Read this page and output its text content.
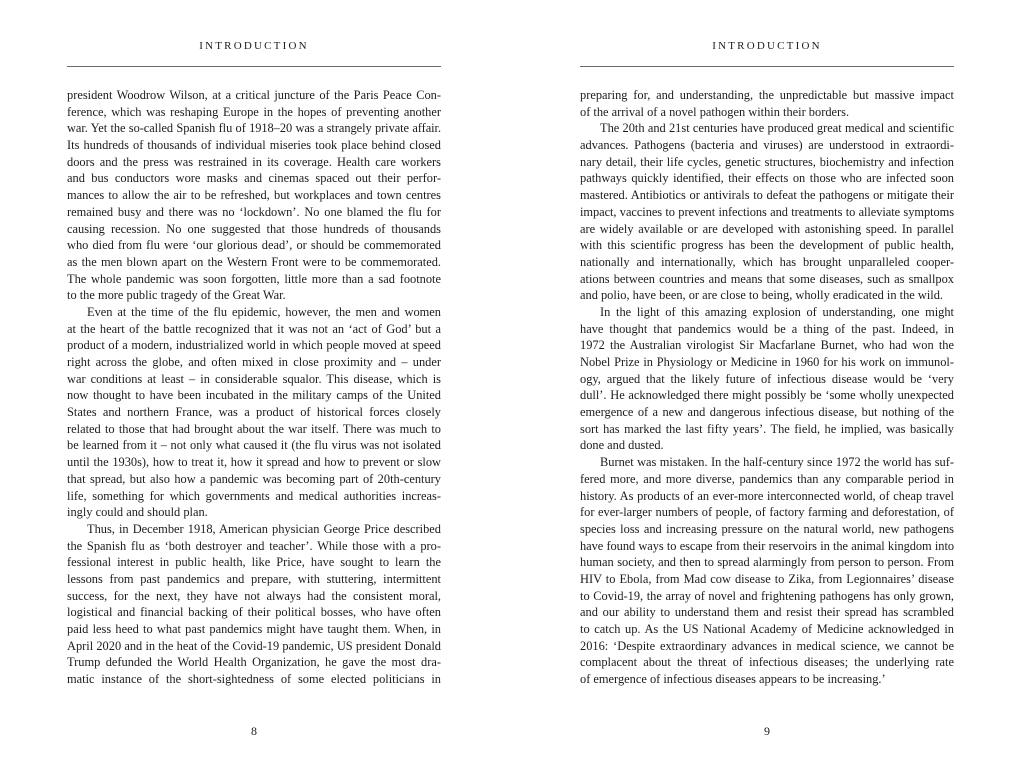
INTRODUCTION
president Woodrow Wilson, at a critical juncture of the Paris Peace Con-
ference, which was reshaping Europe in the hopes of preventing another
war. Yet the so-called Spanish flu of 1918–20 was a strangely private affair.
Its hundreds of thousands of individual miseries took place behind closed
doors and the press was restrained in its coverage. Health care workers
and bus conductors wore masks and cinemas spaced out their perfor-
mances to allow the air to be refreshed, but workplaces and town centres
remained busy and there was no ‘lockdown’. No one blamed the flu for
causing recession. No one suggested that those hundreds of thousands
who died from flu were ‘our glorious dead’, or should be commemorated
as the men blown apart on the Western Front were to be commemorated.
The whole pandemic was soon forgotten, little more than a sad footnote
to the more public tragedy of the Great War.
Even at the time of the flu epidemic, however, the men and women
at the heart of the battle recognized that it was not an ‘act of God’ but a
product of a modern, industrialized world in which people moved at speed
right across the globe, and often mixed in close proximity and – under
war conditions at least – in considerable squalor. This disease, which is
now thought to have been incubated in the military camps of the United
States and northern France, was a product of historical forces closely
related to those that had brought about the war itself. There was much to
be learned from it – not only what caused it (the flu virus was not isolated
until the 1930s), how to treat it, how it spread and how to prevent or slow
that spread, but also how a pandemic was becoming part of 20th-century
life, something for which governments and medical authorities increas-
ingly could and should plan.
Thus, in December 1918, American physician George Price described
the Spanish flu as ‘both destroyer and teacher’. While those with a pro-
fessional interest in public health, like Price, have sought to learn the
lessons from past pandemics and prepare, with stuttering, intermittent
success, for the next, they have not always had the consistent moral,
logistical and financial backing of their political bosses, who have often
paid less heed to what past pandemics might have taught them. When, in
April 2020 and in the heat of the Covid-19 pandemic, US president Donald
Trump defunded the World Health Organization, he gave the most dra-
matic instance of the short-sightedness of some elected politicians in
8
INTRODUCTION
preparing for, and understanding, the unpredictable but massive impact
of the arrival of a novel pathogen within their borders.
The 20th and 21st centuries have produced great medical and scientific
advances. Pathogens (bacteria and viruses) are understood in extraordi-
nary detail, their life cycles, genetic structures, biochemistry and infection
pathways quickly identified, their effects on those who are infected soon
mastered. Antibiotics or antivirals to defeat the pathogens or mitigate their
impact, vaccines to prevent infections and treatments to alleviate symptoms
are widely available or are developed with astonishing speed. In parallel
with this scientific progress has been the development of public health,
nationally and internationally, which has brought unparalleled cooper-
ations between countries and means that some diseases, such as smallpox
and polio, have been, or are close to being, wholly eradicated in the wild.
In the light of this amazing explosion of understanding, one might
have thought that pandemics would be a thing of the past. Indeed, in
1972 the Australian virologist Sir Macfarlane Burnet, who had won the
Nobel Prize in Physiology or Medicine in 1960 for his work on immunol-
ogy, argued that the likely future of infectious disease would be ‘very
dull’. He acknowledged there might possibly be ‘some wholly unexpected
emergence of a new and dangerous infectious disease, but nothing of the
sort has marked the last fifty years’. The field, he implied, was basically
done and dusted.
Burnet was mistaken. In the half-century since 1972 the world has suf-
fered more, and more diverse, pandemics than any comparable period in
history. As products of an ever-more interconnected world, of cheap travel
for ever-larger numbers of people, of factory farming and deforestation, of
species loss and increasing pressure on the natural world, new pathogens
have found ways to escape from their reservoirs in the animal kingdom into
human society, and then to spread alarmingly from person to person. From
HIV to Ebola, from Mad cow disease to Zika, from Legionnaires’ disease
to Covid-19, the array of novel and frightening pathogens has only grown,
and our ability to understand them and resist their spread has scrambled
to catch up. As the US National Academy of Medicine acknowledged in
2016: ‘Despite extraordinary advances in medical science, we cannot be
complacent about the threat of infectious diseases; the underlying rate
of emergence of infectious diseases appears to be increasing.’
9
